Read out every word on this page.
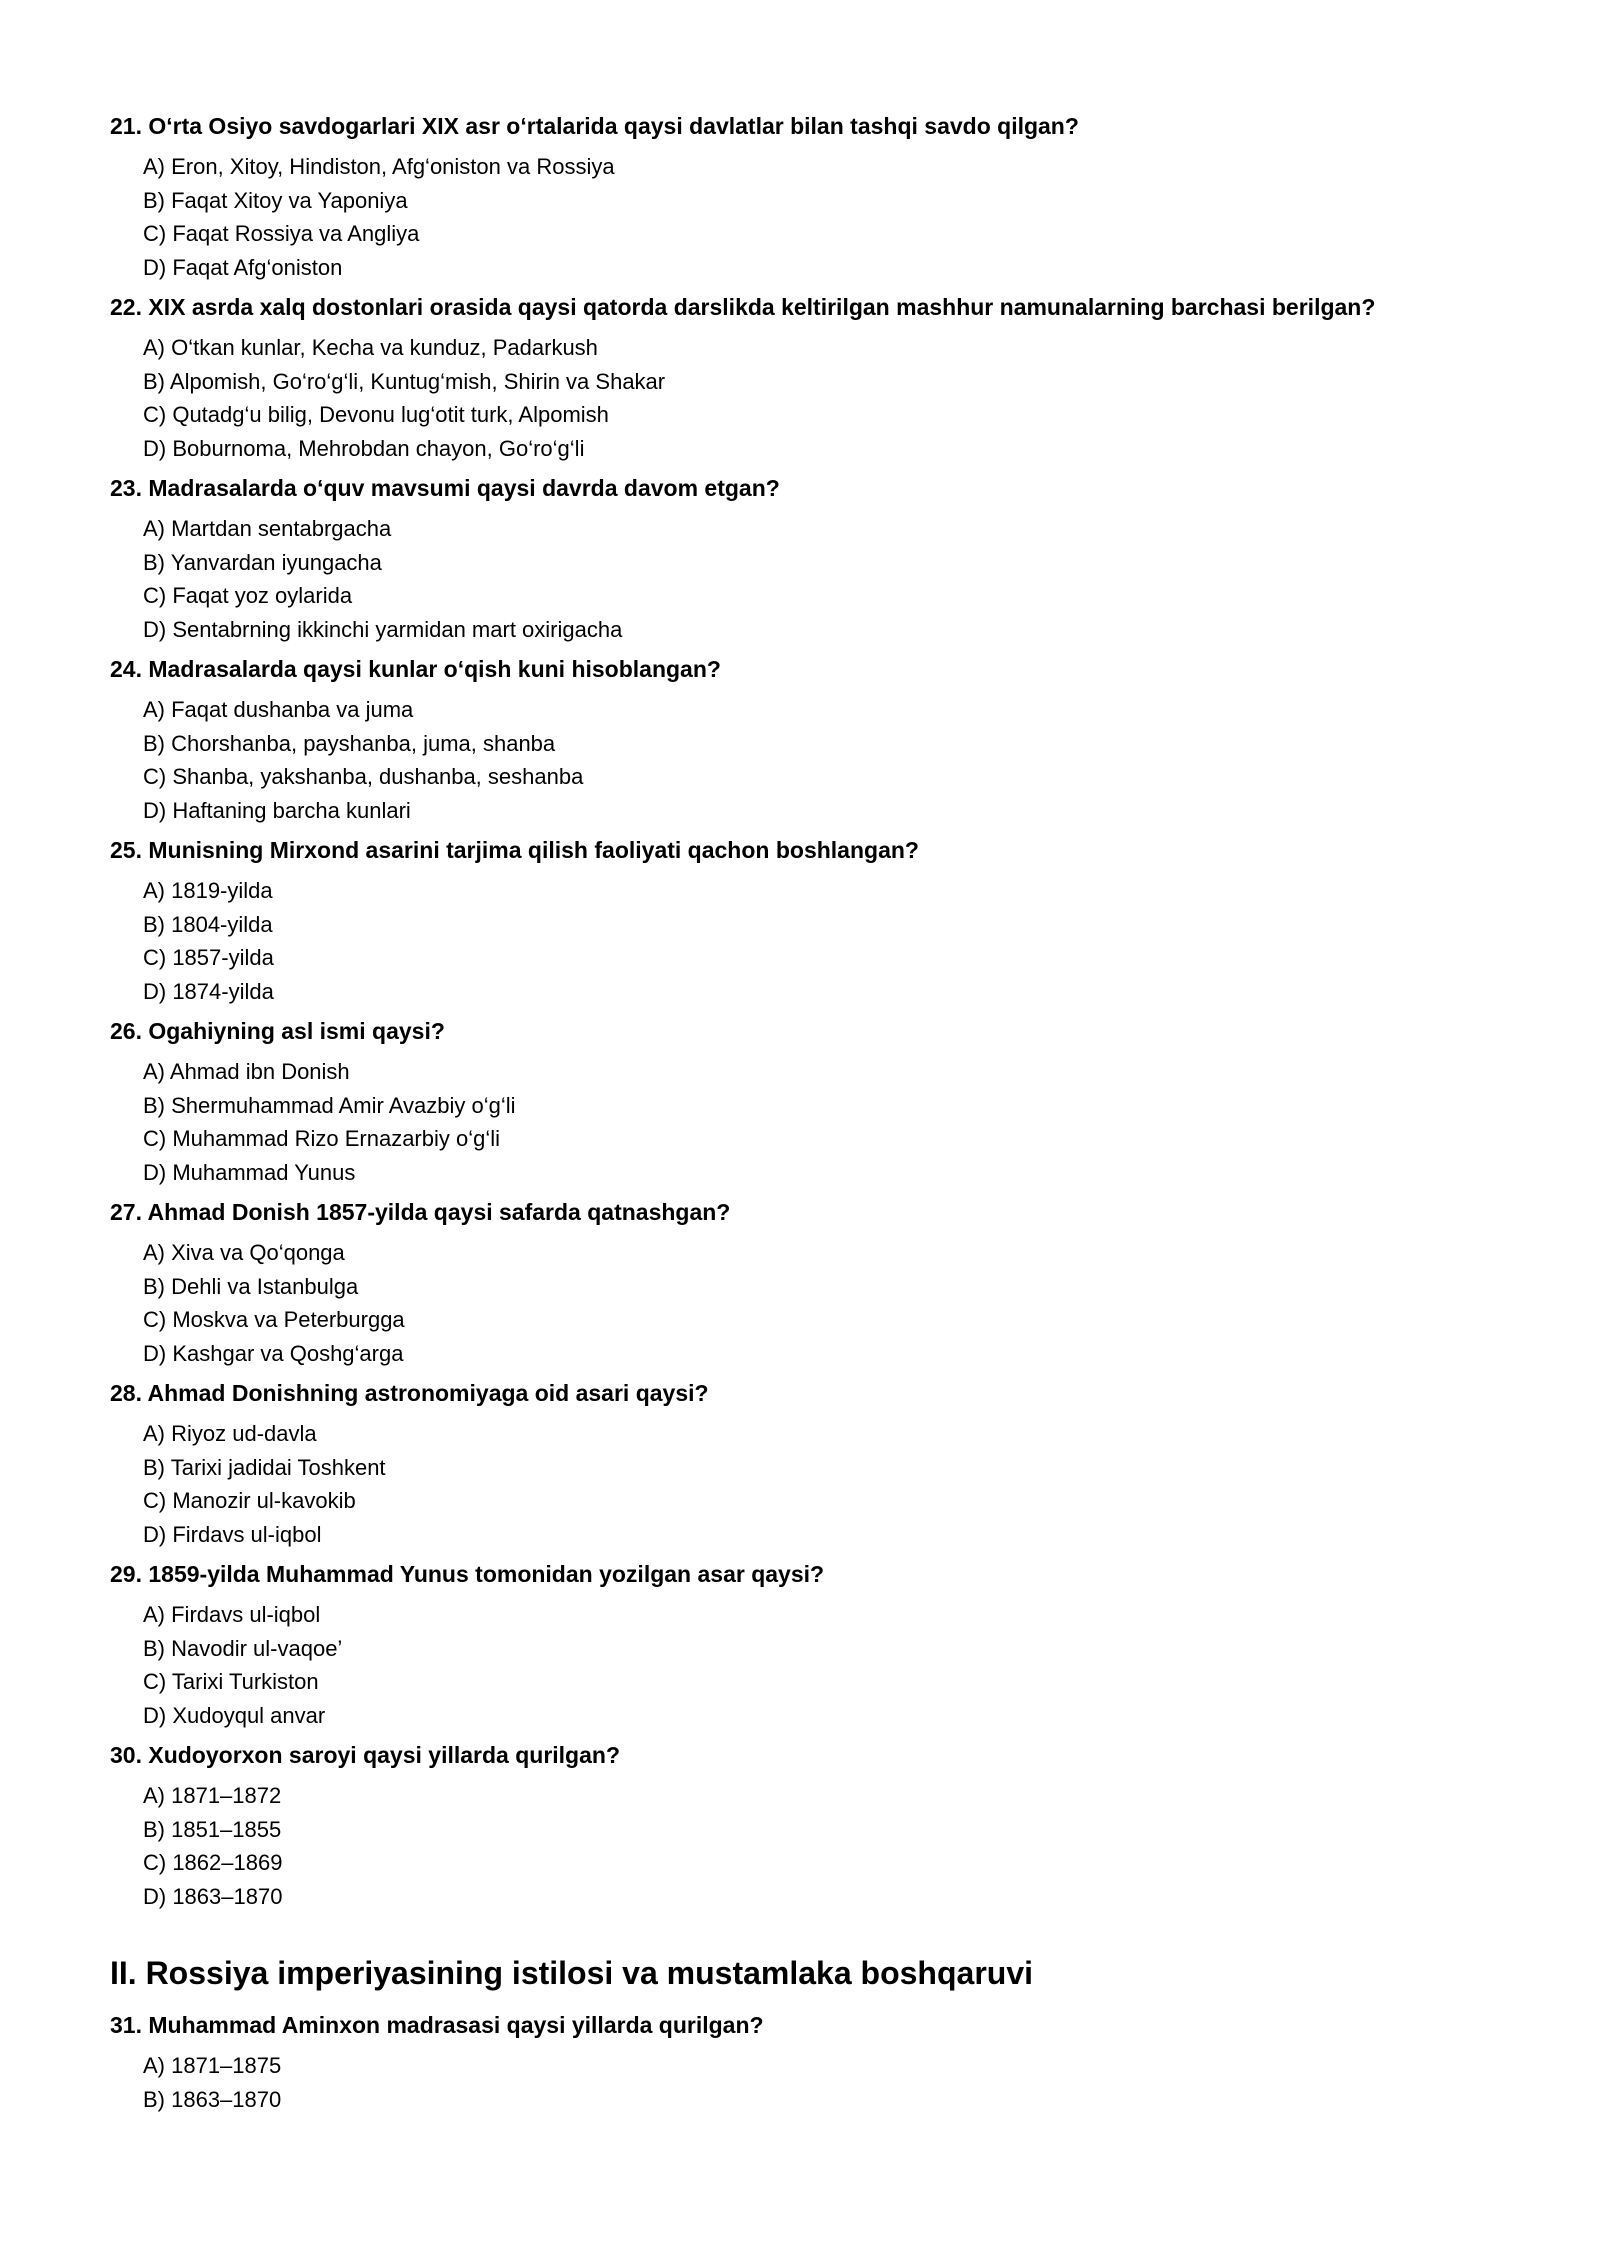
21. O‘rta Osiyo savdogarlari XIX asr o‘rtalarida qaysi davlatlar bilan tashqi savdo qilgan?
A) Eron, Xitoy, Hindiston, Afg‘oniston va Rossiya
B) Faqat Xitoy va Yaponiya
C) Faqat Rossiya va Angliya
D) Faqat Afg‘oniston
22. XIX asrda xalq dostonlari orasida qaysi qatorda darslikda keltirilgan mashhur namunalarning barchasi berilgan?
A) O‘tkan kunlar, Kecha va kunduz, Padarkush
B) Alpomish, Go‘ro‘g‘li, Kuntug‘mish, Shirin va Shakar
C) Qutadg‘u bilig, Devonu lug‘otit turk, Alpomish
D) Boburnoma, Mehrobdan chayon, Go‘ro‘g‘li
23. Madrasalarda o‘quv mavsumi qaysi davrda davom etgan?
A) Martdan sentabrgacha
B) Yanvardan iyungacha
C) Faqat yoz oylarida
D) Sentabrning ikkinchi yarmidan mart oxirigacha
24. Madrasalarda qaysi kunlar o‘qish kuni hisoblangan?
A) Faqat dushanba va juma
B) Chorshanba, payshanba, juma, shanba
C) Shanba, yakshanba, dushanba, seshanba
D) Haftaning barcha kunlari
25. Munisning Mirxond asarini tarjima qilish faoliyati qachon boshlangan?
A) 1819-yilda
B) 1804-yilda
C) 1857-yilda
D) 1874-yilda
26. Ogahiyning asl ismi qaysi?
A) Ahmad ibn Donish
B) Shermuhammad Amir Avazbiy o‘g‘li
C) Muhammad Rizo Ernazarbiy o‘g‘li
D) Muhammad Yunus
27. Ahmad Donish 1857-yilda qaysi safarda qatnashgan?
A) Xiva va Qo‘qonga
B) Dehli va Istanbulga
C) Moskva va Peterburgga
D) Kashgar va Qoshg‘arga
28. Ahmad Donishning astronomiyaga oid asari qaysi?
A) Riyoz ud-davla
B) Tarixi jadidai Toshkent
C) Manozir ul-kavokib
D) Firdavs ul-iqbol
29. 1859-yilda Muhammad Yunus tomonidan yozilgan asar qaysi?
A) Firdavs ul-iqbol
B) Navodir ul-vaqoe’
C) Tarixi Turkiston
D) Xudoyqul anvar
30. Xudoyorxon saroyi qaysi yillarda qurilgan?
A) 1871–1872
B) 1851–1855
C) 1862–1869
D) 1863–1870
II. Rossiya imperiyasining istilosi va mustamlaka boshqaruvi
31. Muhammad Aminxon madrasasi qaysi yillarda qurilgan?
A) 1871–1875
B) 1863–1870
